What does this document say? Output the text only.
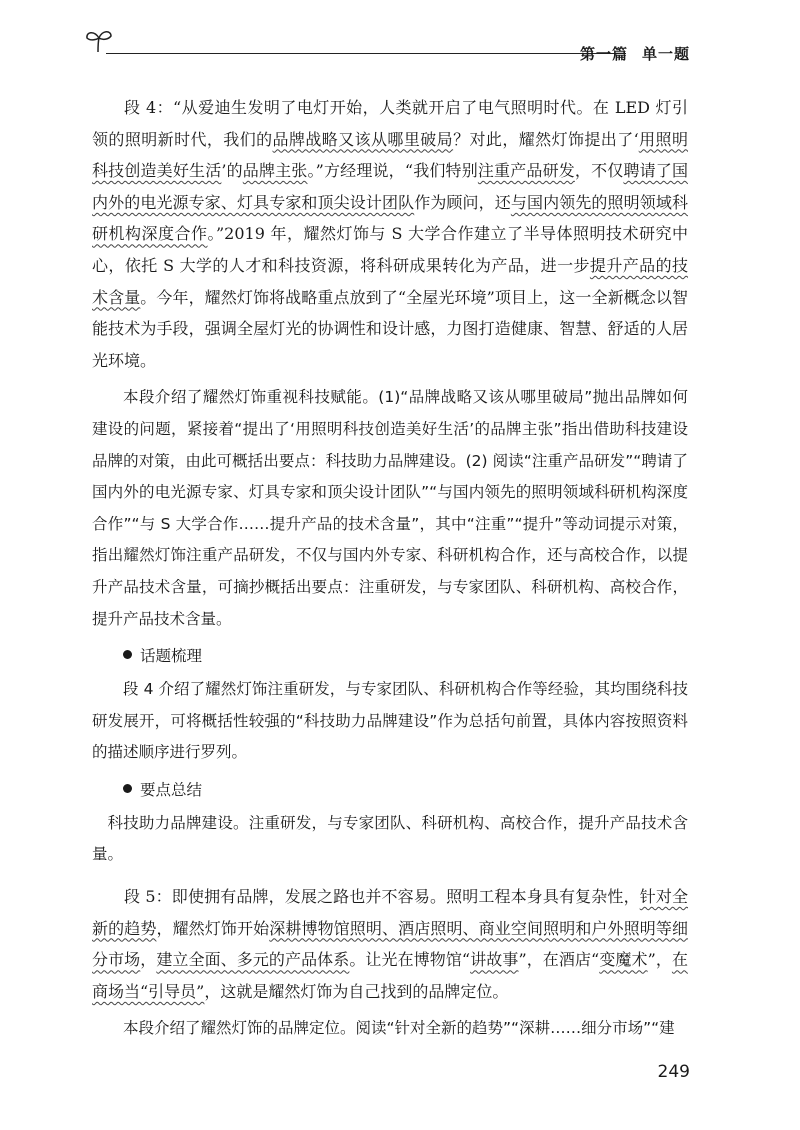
第一篇 单一题

段 4：“从爱迪生发明了电灯开始，人类就开启了电气照明时代。在 LED 灯引领的照明新时代，我们的品牌战略又该从哪里破局？对此，耀然灯饰提出了‘用照明科技创造美好生活’的品牌主张。”方经理说，“我们特别注重产品研发，不仅聘请了国内外的电光源专家、灯具专家和顶尖设计团队作为顾问，还与国内领先的照明领域科研机构深度合作。”2019 年，耀然灯饰与 S 大学合作建立了半导体照明技术研究中心，依托 S 大学的人才和科技资源，将科研成果转化为产品，进一步提升产品的技术含量。今年，耀然灯饰将战略重点放到了“全屋光环境”项目上，这一全新概念以智能技术为手段，强调全屋灯光的协调性和设计感，力图打造健康、智慧、舒适的人居光环境。

本段介绍了耀然灯饰重视科技赋能。(1)“品牌战略又该从哪里破局”抛出品牌如何建设的问题，紧接着“提出了‘用照明科技创造美好生活’的品牌主张”指出借助科技建设品牌的对策，由此可概括出要点：科技助力品牌建设。(2) 阅读“注重产品研发”“聘请了国内外的电光源专家、灯具专家和顶尖设计团队”“与国内领先的照明领域科研机构深度合作”“与 S 大学合作……提升产品的技术含量”，其中“注重”“提升”等动词提示对策，指出耀然灯饰注重产品研发，不仅与国内外专家、科研机构合作，还与高校合作，以提升产品技术含量，可摘抄概括出要点：注重研发，与专家团队、科研机构、高校合作，提升产品技术含量。

话题梳理

段 4 介绍了耀然灯饰注重研发，与专家团队、科研机构合作等经验，其均围绕科技研发展开，可将概括性较强的“科技助力品牌建设”作为总括句前置，具体内容按照资料的描述顺序进行罗列。

要点总结

科技助力品牌建设。注重研发，与专家团队、科研机构、高校合作，提升产品技术含量。

段 5：即使拥有品牌，发展之路也并不容易。照明工程本身具有复杂性，针对全新的趋势，耀然灯饰开始深耕博物馆照明、酒店照明、商业空间照明和户外照明等细分市场，建立全面、多元的产品体系。让光在博物馆“讲故事”，在酒店“变魔术”，在商场当“引导员”，这就是耀然灯饰为自己找到的品牌定位。

本段介绍了耀然灯饰的品牌定位。阅读“针对全新的趋势”“深耕……细分市场”“建

249
